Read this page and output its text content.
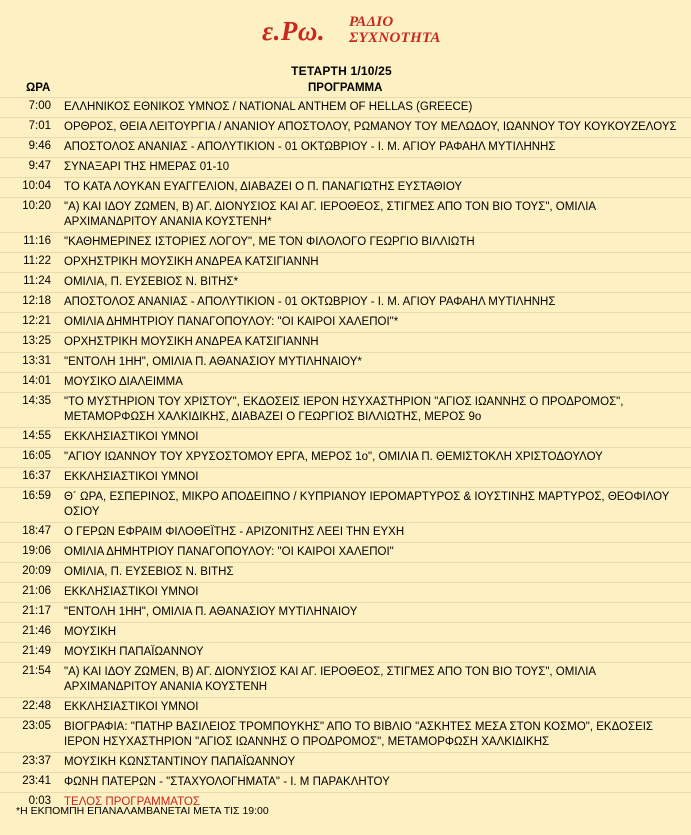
ε.Ρω. ΡΑΔΙΟ
ΣΥΧΝΟΤΗΤΑ
ΤΕΤΑΡΤΗ 1/10/25
ΩΡΑ	ΠΡΟΓΡΑΜΜΑ
7:00 ΕΛΛΗΝΙΚΟΣ ΕΘΝΙΚΟΣ ΥΜΝΟΣ / NATIONAL ANTHEM OF HELLAS (GREECE)
7:01 ΟΡΘΡΟΣ, ΘΕΙΑ ΛΕΙΤΟΥΡΓΙΑ / ΑΝΑΝΙΟΥ ΑΠΟΣΤΟΛΟΥ, ΡΩΜΑΝΟΥ ΤΟΥ ΜΕΛΩΔΟΥ, ΙΩΑΝΝΟΥ ΤΟΥ ΚΟΥΚΟΥΖΕΛΟΥΣ
9:46 ΑΠΟΣΤΟΛΟΣ ΑΝΑΝΙΑΣ - ΑΠΟΛΥΤΙΚΙΟΝ - 01 ΟΚΤΩΒΡΙΟΥ - Ι. Μ. ΑΓΙΟΥ ΡΑΦΑΗΛ ΜΥΤΙΛΗΝΗΣ
9:47 ΣΥΝΑΞΑΡΙ ΤΗΣ ΗΜΕΡΑΣ 01-10
10:04 ΤΟ ΚΑΤΑ ΛΟΥΚΑΝ ΕΥΑΓΓΕΛΙΟΝ, ΔΙΑΒΑΖΕΙ Ο Π. ΠΑΝΑΓΙΩΤΗΣ ΕΥΣΤΑΘΙΟΥ
10:20 "Α) ΚΑΙ ΙΔΟΥ ΖΩΜΕΝ, Β) ΑΓ. ΔΙΟΝΥΣΙΟΣ ΚΑΙ ΑΓ. ΙΕΡΟΘΕΟΣ, ΣΤΙΓΜΕΣ ΑΠΟ ΤΟΝ ΒΙΟ ΤΟΥΣ", ΟΜΙΛΙΑ ΑΡΧΙΜΑΝΔΡΙΤΟΥ ΑΝΑΝΙΑ ΚΟΥΣΤΕΝΗ*
11:16 "ΚΑΘΗΜΕΡΙΝΕΣ ΙΣΤΟΡΙΕΣ ΛΟΓΟΥ", ΜΕ ΤΟΝ ΦΙΛΟΛΟΓΟ ΓΕΩΡΓΙΟ ΒΙΛΛΙΩΤΗ
11:22 ΟΡΧΗΣΤΡΙΚΗ ΜΟΥΣΙΚΗ ΑΝΔΡΕΑ ΚΑΤΣΙΓΙΑΝΝΗ
11:24 ΟΜΙΛΙΑ, Π. ΕΥΣΕΒΙΟΣ Ν. ΒΙΤΗΣ*
12:18 ΑΠΟΣΤΟΛΟΣ ΑΝΑΝΙΑΣ - ΑΠΟΛΥΤΙΚΙΟΝ - 01 ΟΚΤΩΒΡΙΟΥ - Ι. Μ. ΑΓΙΟΥ ΡΑΦΑΗΛ ΜΥΤΙΛΗΝΗΣ
12:21 ΟΜΙΛΙΑ ΔΗΜΗΤΡΙΟΥ ΠΑΝΑΓΟΠΟΥΛΟΥ: "ΟΙ ΚΑΙΡΟΙ ΧΑΛΕΠΟΙ"*
13:25 ΟΡΧΗΣΤΡΙΚΗ ΜΟΥΣΙΚΗ ΑΝΔΡΕΑ ΚΑΤΣΙΓΙΑΝΝΗ
13:31 "ΕΝΤΟΛΗ 1ΗΗ", ΟΜΙΛΙΑ Π. ΑΘΑΝΑΣΙΟΥ ΜΥΤΙΛΗΝΑΙΟΥ*
14:01 ΜΟΥΣΙΚΟ ΔΙΑΛΕΙΜΜΑ
14:35 "ΤΟ ΜΥΣΤΗΡΙΟΝ ΤΟΥ ΧΡΙΣΤΟΥ", ΕΚΔΟΣΕΙΣ ΙΕΡΟΝ ΗΣΥΧΑΣΤΗΡΙΟΝ "ΑΓΙΟΣ ΙΩΑΝΝΗΣ Ο ΠΡΟΔΡΟΜΟΣ", ΜΕΤΑΜΟΡΦΩΣΗ ΧΑΛΚΙΔΙΚΗΣ, ΔΙΑΒΑΖΕΙ Ο ΓΕΩΡΓΙΟΣ ΒΙΛΛΙΩΤΗΣ, ΜΕΡΟΣ 9ο
14:55 ΕΚΚΛΗΣΙΑΣΤΙΚΟΙ ΥΜΝΟΙ
16:05 "ΑΓΙΟΥ ΙΩΑΝΝΟΥ ΤΟΥ ΧΡΥΣΟΣΤΟΜΟΥ ΕΡΓΑ, ΜΕΡΟΣ 1ο", ΟΜΙΛΙΑ Π. ΘΕΜΙΣΤΟΚΛΗ ΧΡΙΣΤΟΔΟΥΛΟΥ
16:37 ΕΚΚΛΗΣΙΑΣΤΙΚΟΙ ΥΜΝΟΙ
16:59 Θ´ ΩΡΑ, ΕΣΠΕΡΙΝΟΣ, ΜΙΚΡΟ ΑΠΟΔΕΙΠΝΟ / ΚΥΠΡΙΑΝΟΥ ΙΕΡΟΜΑΡΤΥΡΟΣ & ΙΟΥΣΤΙΝΗΣ ΜΑΡΤΥΡΟΣ, ΘΕΟΦΙΛΟΥ ΟΣΙΟΥ
18:47 Ο ΓΕΡΩΝ ΕΦΡΑΙΜ ΦΙΛΟΘΕΪΤΗΣ - ΑΡΙΖΟΝΙΤΗΣ ΛΕΕΙ ΤΗΝ ΕΥΧΗ
19:06 ΟΜΙΛΙΑ ΔΗΜΗΤΡΙΟΥ ΠΑΝΑΓΟΠΟΥΛΟΥ: "ΟΙ ΚΑΙΡΟΙ ΧΑΛΕΠΟΙ"
20:09 ΟΜΙΛΙΑ, Π. ΕΥΣΕΒΙΟΣ Ν. ΒΙΤΗΣ
21:06 ΕΚΚΛΗΣΙΑΣΤΙΚΟΙ ΥΜΝΟΙ
21:17 "ΕΝΤΟΛΗ 1ΗΗ", ΟΜΙΛΙΑ Π. ΑΘΑΝΑΣΙΟΥ ΜΥΤΙΛΗΝΑΙΟΥ
21:46 ΜΟΥΣΙΚΗ
21:49 ΜΟΥΣΙΚΗ ΠΑΠΑΪΩΑΝΝΟΥ
21:54 "Α) ΚΑΙ ΙΔΟΥ ΖΩΜΕΝ, Β) ΑΓ. ΔΙΟΝΥΣΙΟΣ ΚΑΙ ΑΓ. ΙΕΡΟΘΕΟΣ, ΣΤΙΓΜΕΣ ΑΠΟ ΤΟΝ ΒΙΟ ΤΟΥΣ", ΟΜΙΛΙΑ ΑΡΧΙΜΑΝΔΡΙΤΟΥ ΑΝΑΝΙΑ ΚΟΥΣΤΕΝΗ
22:48 ΕΚΚΛΗΣΙΑΣΤΙΚΟΙ ΥΜΝΟΙ
23:05 ΒΙΟΓΡΑΦΙΑ: "ΠΑΤΗΡ ΒΑΣΙΛΕΙΟΣ ΤΡΟΜΠΟΥΚΗΣ" ΑΠΟ ΤΟ ΒΙΒΛΙΟ "ΑΣΚΗΤΕΣ ΜΕΣΑ ΣΤΟΝ ΚΟΣΜΟ", ΕΚΔΟΣΕΙΣ ΙΕΡΟΝ ΗΣΥΧΑΣΤΗΡΙΟΝ "ΑΓΙΟΣ ΙΩΑΝΝΗΣ Ο ΠΡΟΔΡΟΜΟΣ", ΜΕΤΑΜΟΡΦΩΣΗ ΧΑΛΚΙΔΙΚΗΣ
23:37 ΜΟΥΣΙΚΗ ΚΩΝΣΤΑΝΤΙΝΟΥ ΠΑΠΑΪΩΑΝΝΟΥ
23:41 ΦΩΝΗ ΠΑΤΕΡΩΝ - "ΣΤΑΧΥΟΛΟΓΗΜΑΤΑ" - Ι. Μ ΠΑΡΑΚΛΗΤΟΥ
0:03 ΤΕΛΟΣ ΠΡΟΓΡΑΜΜΑΤΟΣ
*Η ΕΚΠΟΜΠΗ ΕΠΑΝΑΛΑΜΒΑΝΕΤΑΙ ΜΕΤΑ ΤΙΣ 19:00
